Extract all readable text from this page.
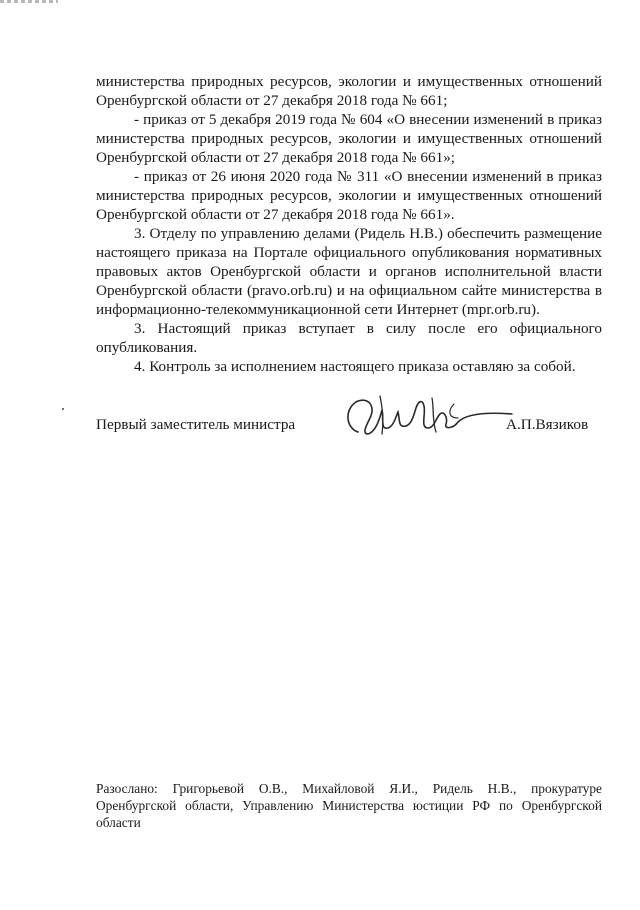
министерства природных ресурсов, экологии и имущественных отношений Оренбургской области от 27 декабря 2018 года № 661;

- приказ от 5 декабря 2019 года № 604 «О внесении изменений в приказ министерства природных ресурсов, экологии и имущественных отношений Оренбургской области от 27 декабря 2018 года № 661»;

- приказ от 26 июня 2020 года № 311 «О внесении изменений в приказ министерства природных ресурсов, экологии и имущественных отношений Оренбургской области от 27 декабря 2018 года № 661».

3. Отделу по управлению делами (Ридель Н.В.) обеспечить размещение настоящего приказа на Портале официального опубликования нормативных правовых актов Оренбургской области и органов исполнительной власти Оренбургской области (pravo.orb.ru) и на официальном сайте министерства в информационно-телекоммуникационной сети Интернет (mpr.orb.ru).

3. Настоящий приказ вступает в силу после его официального опубликования.

4. Контроль за исполнением настоящего приказа оставляю за собой.

Первый заместитель министра	А.П.Вязиков
Разослано: Григорьевой О.В., Михайловой Я.И., Ридель Н.В., прокуратуре Оренбургской области, Управлению Министерства юстиции РФ по Оренбургской области
